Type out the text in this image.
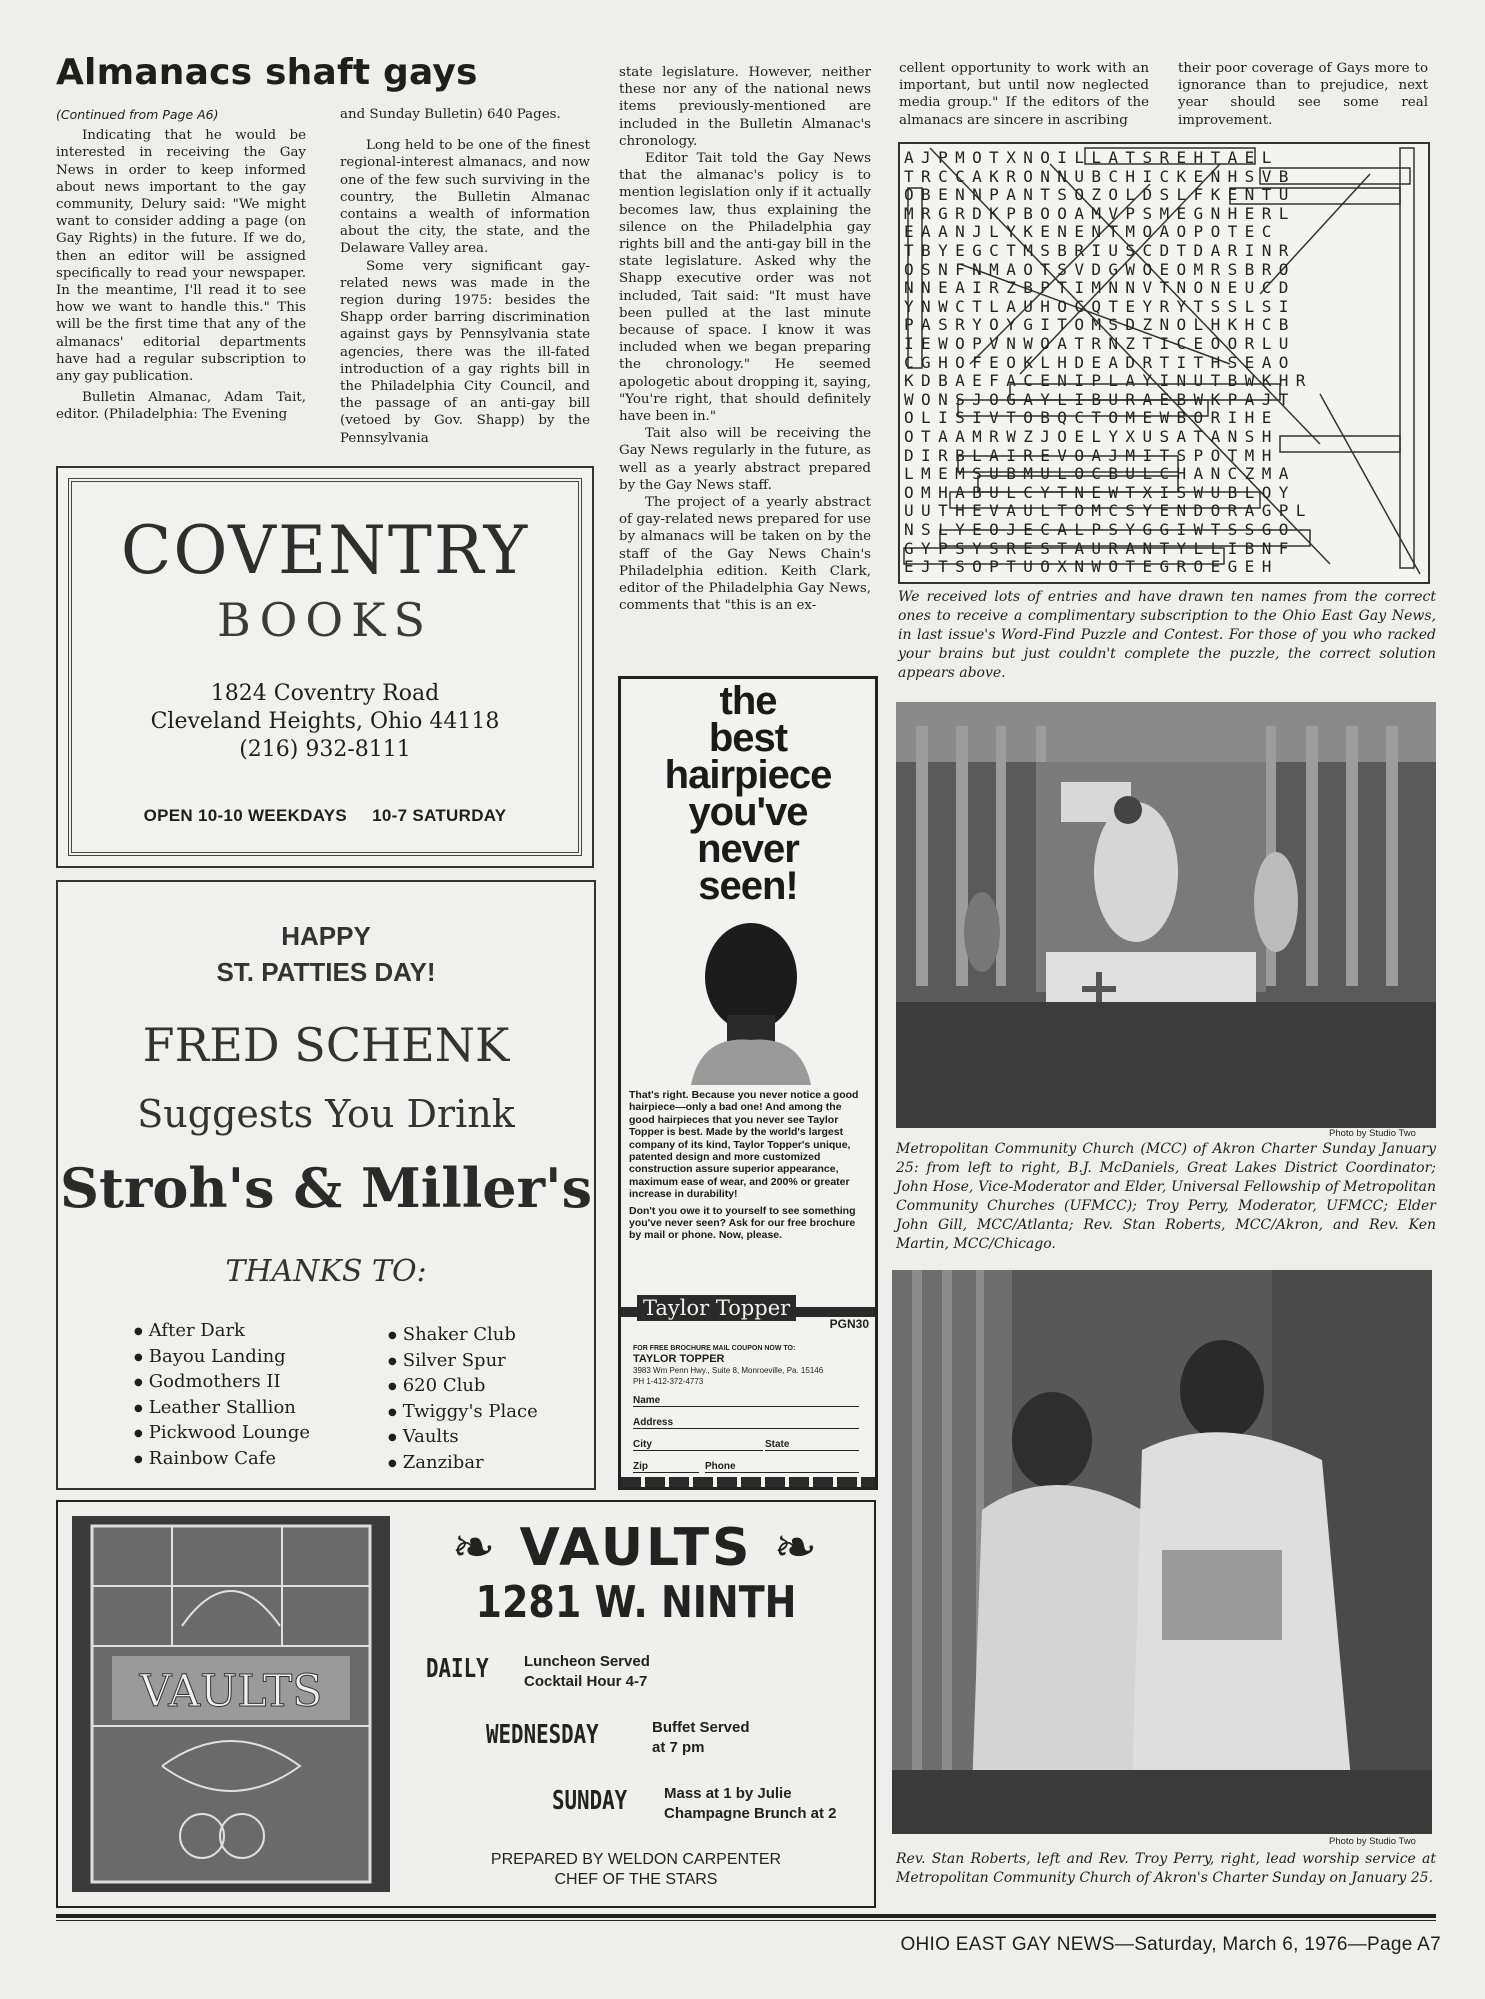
Almanacs shaft gays
(Continued from Page A6)

Indicating that he would be interested in receiving the Gay News in order to keep informed about news important to the gay community, Delury said: "We might want to consider adding a page (on Gay Rights) in the future. If we do, then an editor will be assigned specifically to read your newspaper. In the meantime, I'll read it to see how we want to handle this." This will be the first time that any of the almanacs' editorial departments have had a regular subscription to any gay publication.

Bulletin Almanac, Adam Tait, editor. (Philadelphia: The Evening

and Sunday Bulletin) 640 Pages.

Long held to be one of the finest regional-interest almanacs, and now one of the few such surviving in the country, the Bulletin Almanac contains a wealth of information about the city, the state, and the Delaware Valley area.

Some very significant gay-related news was made in the region during 1975: besides the Shapp order barring discrimination against gays by Pennsylvania state agencies, there was the ill-fated introduction of a gay rights bill in the Philadelphia City Council, and the passage of an anti-gay bill (vetoed by Gov. Shapp) by the Pennsylvania

state legislature. However, neither these nor any of the national news items previously-mentioned are included in the Bulletin Almanac's chronology.

Editor Tait told the Gay News that the almanac's policy is to mention legislation only if it actually becomes law, thus explaining the silence on the Philadelphia gay rights bill and the anti-gay bill in the state legislature. Asked why the Shapp executive order was not included, Tait said: "It must have been pulled at the last minute because of space. I know it was included when we began preparing the chronology." He seemed apologetic about dropping it, saying, "You're right, that should definitely have been in."

Tait also will be receiving the Gay News regularly in the future, as well as a yearly abstract prepared by the Gay News staff.

The project of a yearly abstract of gay-related news prepared for use by almanacs will be taken on by the staff of the Gay News Chain's Philadelphia edition. Keith Clark, editor of the Philadelphia Gay News, comments that "this is an ex-

cellent opportunity to work with an important, but until now neglected media group." If the editors of the almanacs are sincere in ascribing
their poor coverage of Gays more to ignorance than to prejudice, next year should see some real improvement.
AJPMOTXNOILLATSREHTAEL
TRCCAKRONNUBCHICKENHSVB
OBENNPANTSOZOLDSLFKENTU
MRGRDKPBOOAMVPSMEGNHERL
EAANJLYKENENTMOAOPOTEC
TBYEGCTMSBRIUSCDTDARINR
OSNFNMAOTSVDGWOEOMRSBRO
NNEAIRZBPTIMNNVTNONEUCD
YNWCTLAUHOCQTEYRYTSSLSI
PASRYOYGITOMSDZNOLHKHCB
IEWOPVNWOATRNZTICEOORLU
CGHOFEOKLHDEADRTITHSEAO
KDBAEFACENIPLAYINUTBWKHR
WONSJOGAYLIBURAEBWKPAJT
OLISIVTOBQCTOMEWBORIHE
OTAAMRWZJOELYXUSATANSH
DIRBLAIREVOAJMITSPOTMH
LMEMSUBMULOCBULCHANCZMA
OMHABULCYTNEWTXISWUBLOY
UUTHEVAULTOMCSYENDORAGPL
NSLYEOJECALPSYGGIWTSSGO
GYPSYSRESTAURANTYLLIBNF
EJTSOPTUOXNWOTEGROEGEH
We received lots of entries and have drawn ten names from the correct ones to receive a complimentary subscription to the Ohio East Gay News, in last issue's Word-Find Puzzle and Contest. For those of you who racked your brains but just couldn't complete the puzzle, the correct solution appears above.
Photo by Studio Two
Metropolitan Community Church (MCC) of Akron Charter Sunday January 25: from left to right, B.J. McDaniels, Great Lakes District Coordinator; John Hose, Vice-Moderator and Elder, Universal Fellowship of Metropolitan Community Churches (UFMCC); Troy Perry, Moderator, UFMCC; Elder John Gill, MCC/Atlanta; Rev. Stan Roberts, MCC/Akron, and Rev. Ken Martin, MCC/Chicago.
Photo by Studio Two
Rev. Stan Roberts, left and Rev. Troy Perry, right, lead worship service at Metropolitan Community Church of Akron's Charter Sunday on January 25.
COVENTRY
BOOKS
1824 Coventry Road
Cleveland Heights, Ohio 44118
(216) 932-8111
OPEN 10-10 WEEKDAYS     10-7 SATURDAY
HAPPY
ST. PATTIES DAY!
FRED SCHENK
Suggests You Drink
Stroh's & Miller's
THANKS TO:
● After Dark
● Bayou Landing
● Godmothers II
● Leather Stallion
● Pickwood Lounge
● Rainbow Cafe
● Shaker Club
● Silver Spur
● 620 Club
● Twiggy's Place
● Vaults
● Zanzibar
the
best
hairpiece
you've
never
seen!
That's right. Because you never notice a good hairpiece—only a bad one! And among the good hairpieces that you never see Taylor Topper is best. Made by the world's largest company of its kind, Taylor Topper's unique, patented design and more customized construction assure superior appearance, maximum ease of wear, and 200% or greater increase in durability!
Don't you owe it to yourself to see something you've never seen? Ask for our free brochure by mail or phone. Now, please.
Taylor Topper
PGN30
FOR FREE BROCHURE MAIL COUPON NOW TO:
TAYLOR TOPPER
3983 Wm Penn Hwy., Suite 8, Monroeville, Pa. 15146
PH 1-412-372-4773
Name
Address
City	State
Zip	Phone
VAULTS
❧ VAULTS ❧
1281 W. NINTH
DAILY Luncheon Served
Cocktail Hour 4-7
WEDNESDAY	Buffet Served
at 7 pm
SUNDAY Mass at 1 by Julie
Champagne Brunch at 2
PREPARED BY WELDON CARPENTER
CHEF OF THE STARS
OHIO EAST GAY NEWS—Saturday, March 6, 1976—Page A7
